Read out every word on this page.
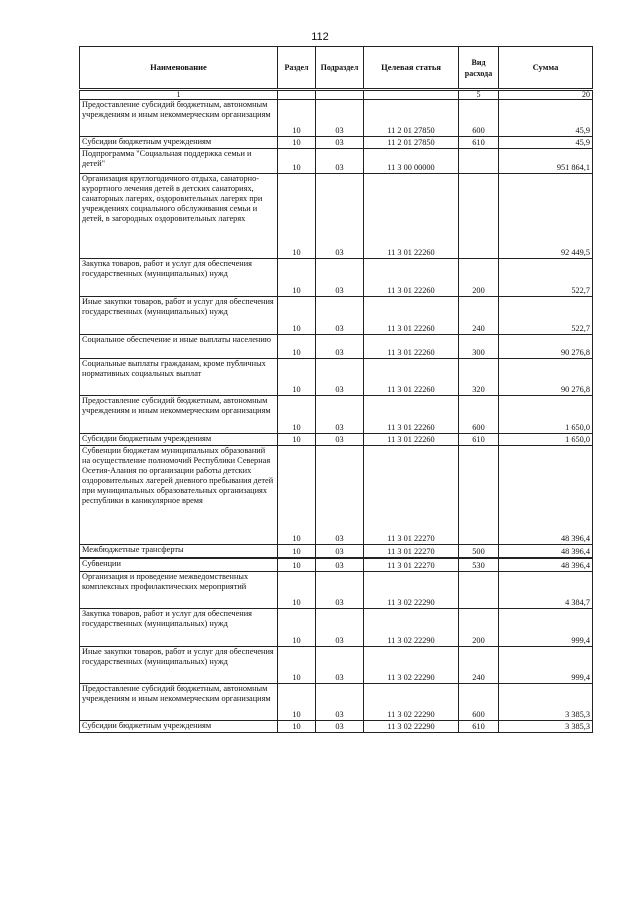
112
Наименование	Раздел	Подраздел	Целевая статья	Вид расхода	Сумма

1				5	20
Предоставление субсидий бюджетным, автономным учреждениям и иным некоммерческим организациям	10	03	11 2 01 27850	600	45,9
Субсидии бюджетным учреждениям	10	03	11 2 01 27850	610	45,9
Подпрограмма "Социальная поддержка семьи и детей"	10	03	11 3 00 00000		951 864,1
Организация круглогодичного отдыха, санаторно-курортного лечения детей в детских санаториях, санаторных лагерях, оздоровительных лагерях при учреждениях социального обслуживания семьи и детей, в загородных оздоровительных лагерях	10	03	11 3 01 22260		92 449,5
Закупка товаров, работ и услуг для обеспечения государственных (муниципальных) нужд	10	03	11 3 01 22260	200	522,7
Иные закупки товаров, работ и услуг для обеспечения государственных (муниципальных) нужд	10	03	11 3 01 22260	240	522,7
Социальное обеспечение и иные выплаты населению	10	03	11 3 01 22260	300	90 276,8
Социальные выплаты гражданам, кроме публичных нормативных социальных выплат	10	03	11 3 01 22260	320	90 276,8
Предоставление субсидий бюджетным, автономным учреждениям и иным некоммерческим организациям	10	03	11 3 01 22260	600	1 650,0
Субсидии бюджетным учреждениям	10	03	11 3 01 22260	610	1 650,0
Субвенции бюджетам муниципальных образований на осуществление полномочий Республики Северная Осетия-Алания по организации работы детских оздоровительных лагерей дневного пребывания детей при муниципальных образовательных организациях республики в каникулярное время	10	03	11 3 01 22270		48 396,4
Межбюджетные трансферты	10	03	11 3 01 22270	500	48 396,4
Субвенции	10	03	11 3 01 22270	530	48 396,4
Организация и проведение межведомственных комплексных профилактических мероприятий	10	03	11 3 02 22290		4 384,7
Закупка товаров, работ и услуг для обеспечения государственных (муниципальных) нужд	10	03	11 3 02 22290	200	999,4
Иные закупки товаров, работ и услуг для обеспечения государственных (муниципальных) нужд	10	03	11 3 02 22290	240	999,4
Предоставление субсидий бюджетным, автономным учреждениям и иным некоммерческим организациям	10	03	11 3 02 22290	600	3 385,3
Субсидии бюджетным учреждениям	10	03	11 3 02 22290	610	3 385,3
